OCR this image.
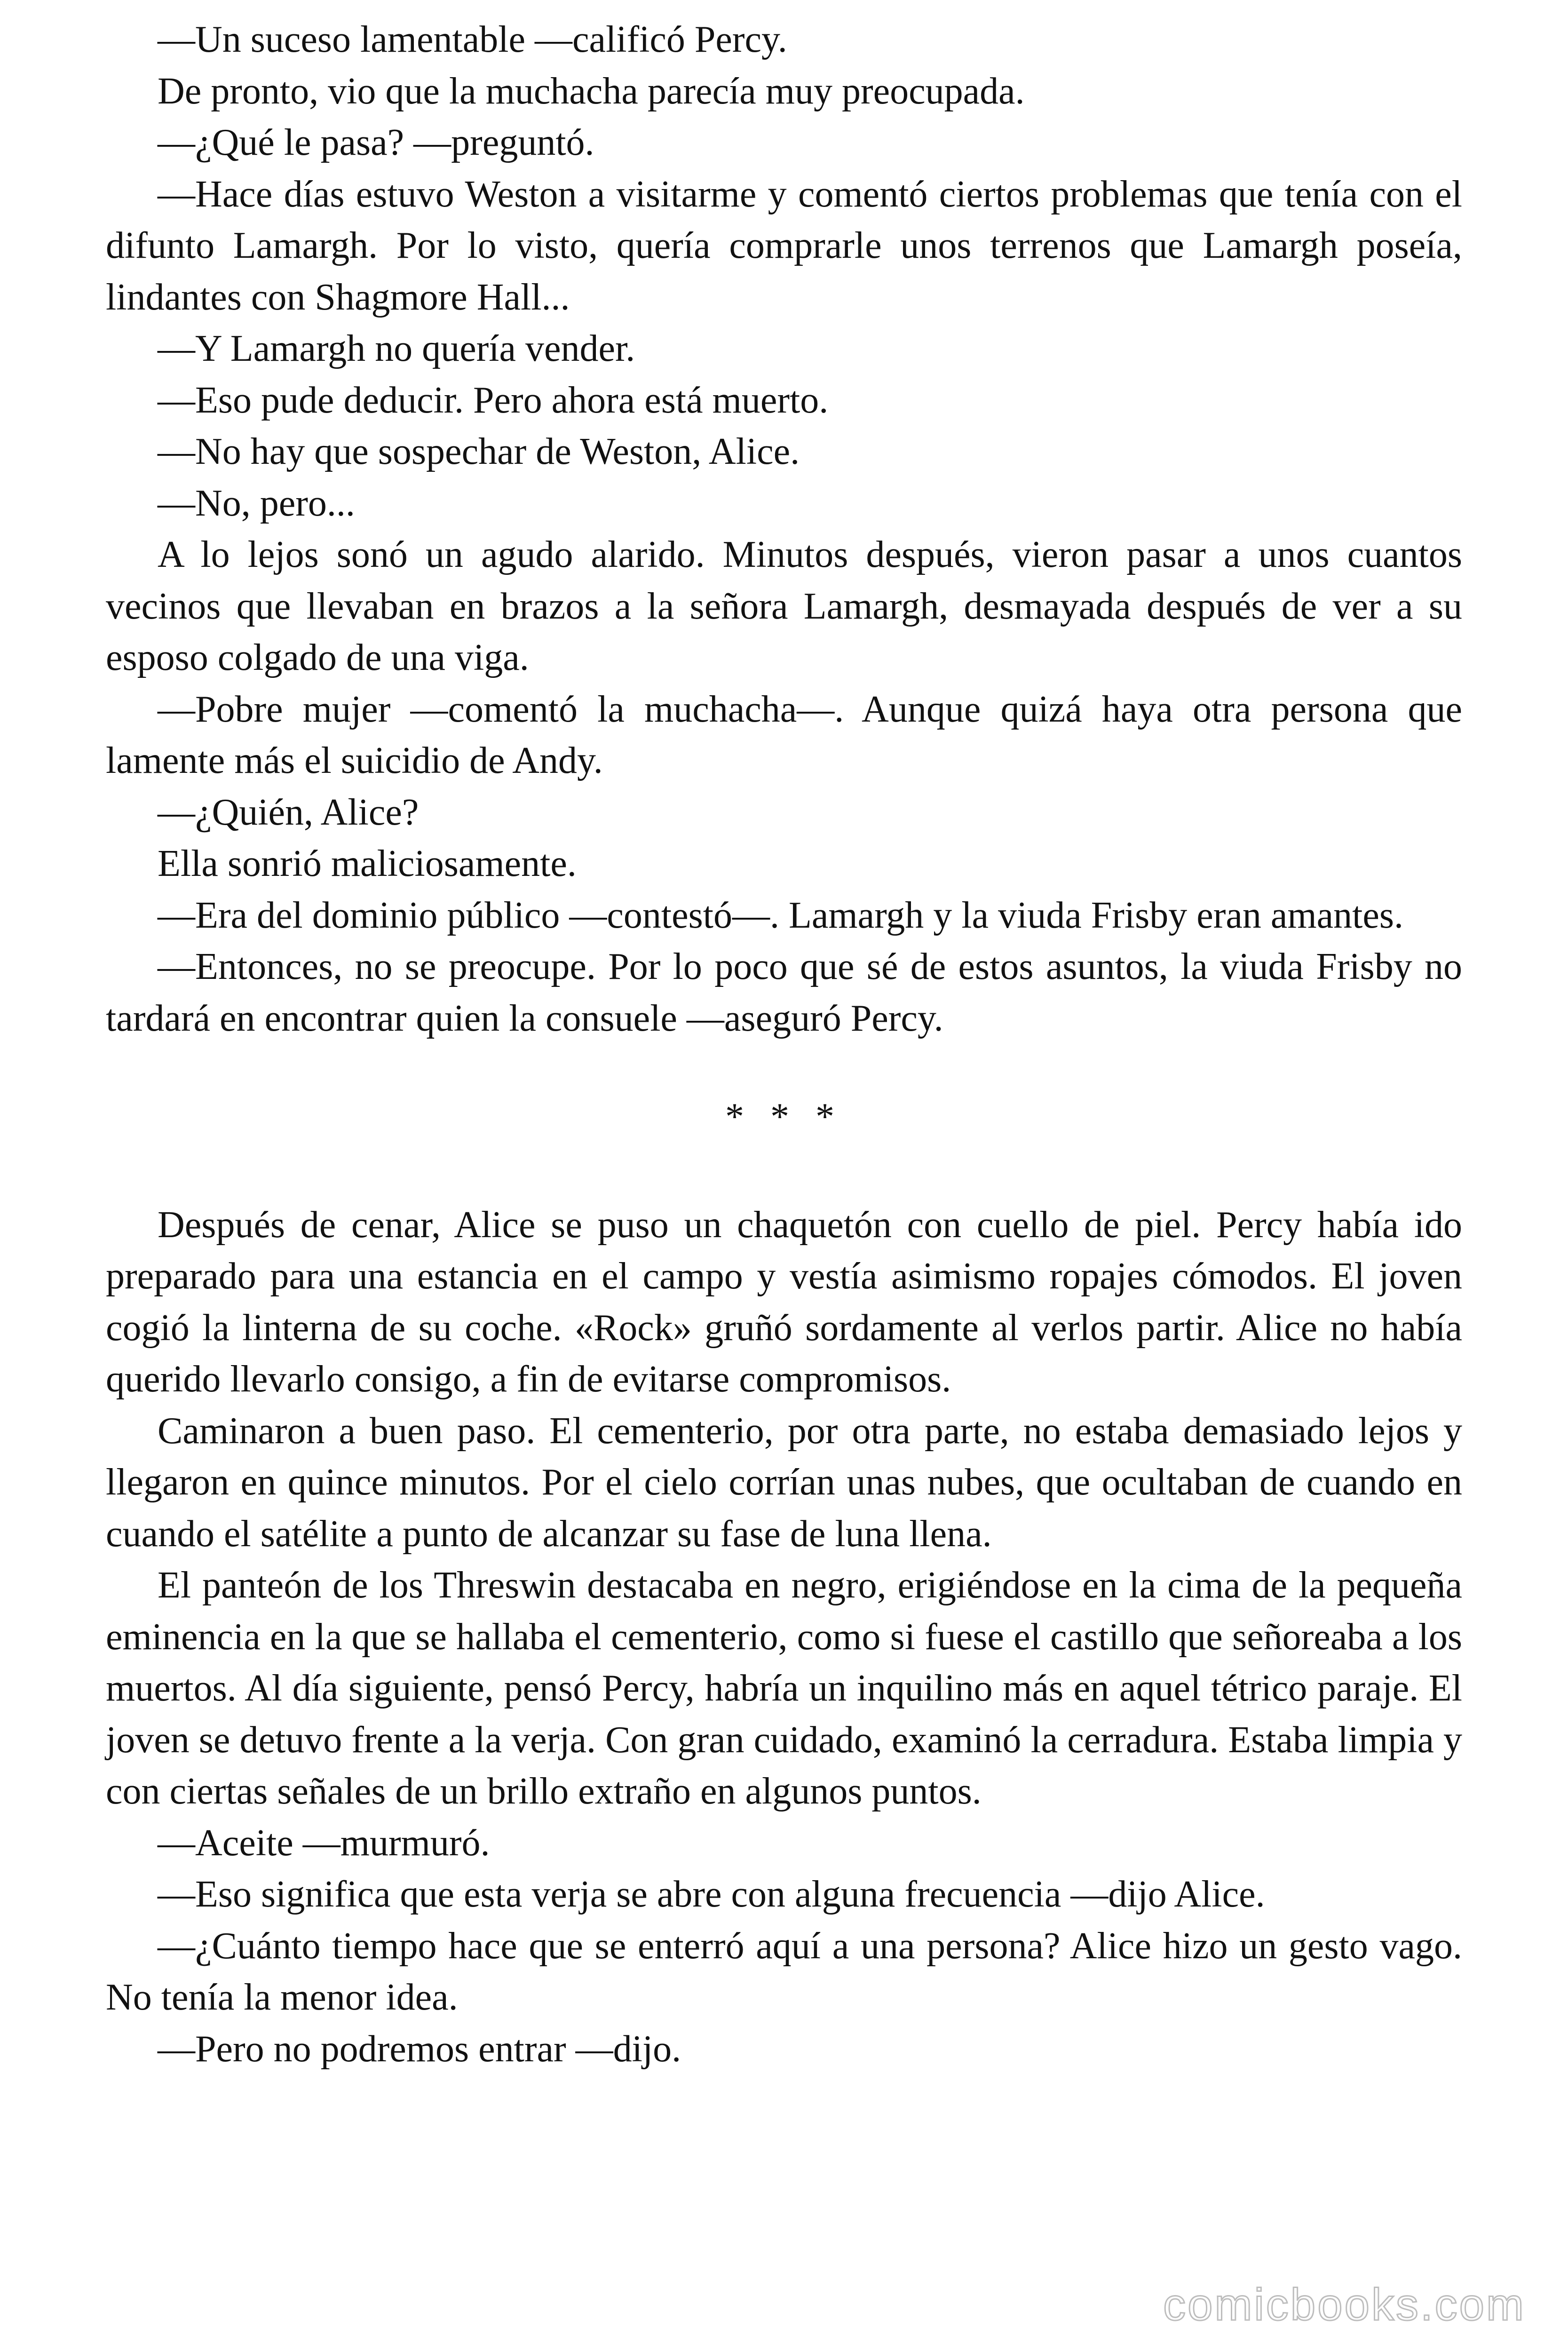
—Un suceso lamentable —calificó Percy.

De pronto, vio que la muchacha parecía muy preocupada.

—¿Qué le pasa? —preguntó.

—Hace días estuvo Weston a visitarme y comentó ciertos problemas que tenía con el difunto Lamargh. Por lo visto, quería comprarle unos terrenos que Lamargh poseía, lindantes con Shagmore Hall...

—Y Lamargh no quería vender.

—Eso pude deducir. Pero ahora está muerto.

—No hay que sospechar de Weston, Alice.

—No, pero...

A lo lejos sonó un agudo alarido. Minutos después, vieron pasar a unos cuantos vecinos que llevaban en brazos a la señora Lamargh, desmayada después de ver a su esposo colgado de una viga.

—Pobre mujer —comentó la muchacha—. Aunque quizá haya otra persona que lamente más el suicidio de Andy.

—¿Quién, Alice?

Ella sonrió maliciosamente.

—Era del dominio público —contestó—. Lamargh y la viuda Frisby eran amantes.

—Entonces, no se preocupe. Por lo poco que sé de estos asuntos, la viuda Frisby no tardará en encontrar quien la consuele —aseguró Percy.

* * *

Después de cenar, Alice se puso un chaquetón con cuello de piel. Percy había ido preparado para una estancia en el campo y vestía asimismo ropajes cómodos. El joven cogió la linterna de su coche. «Rock» gruñó sordamente al verlos partir. Alice no había querido llevarlo consigo, a fin de evitarse compromisos.

Caminaron a buen paso. El cementerio, por otra parte, no estaba demasiado lejos y llegaron en quince minutos. Por el cielo corrían unas nubes, que ocultaban de cuando en cuando el satélite a punto de alcanzar su fase de luna llena.

El panteón de los Threswin destacaba en negro, erigiéndose en la cima de la pequeña eminencia en la que se hallaba el cementerio, como si fuese el castillo que señoreaba a los muertos. Al día siguiente, pensó Percy, habría un inquilino más en aquel tétrico paraje. El joven se detuvo frente a la verja. Con gran cuidado, examinó la cerradura. Estaba limpia y con ciertas señales de un brillo extraño en algunos puntos.

—Aceite —murmuró.

—Eso significa que esta verja se abre con alguna frecuencia —dijo Alice.

—¿Cuánto tiempo hace que se enterró aquí a una persona? Alice hizo un gesto vago. No tenía la menor idea.

—Pero no podremos entrar —dijo.

comicbooks.com
